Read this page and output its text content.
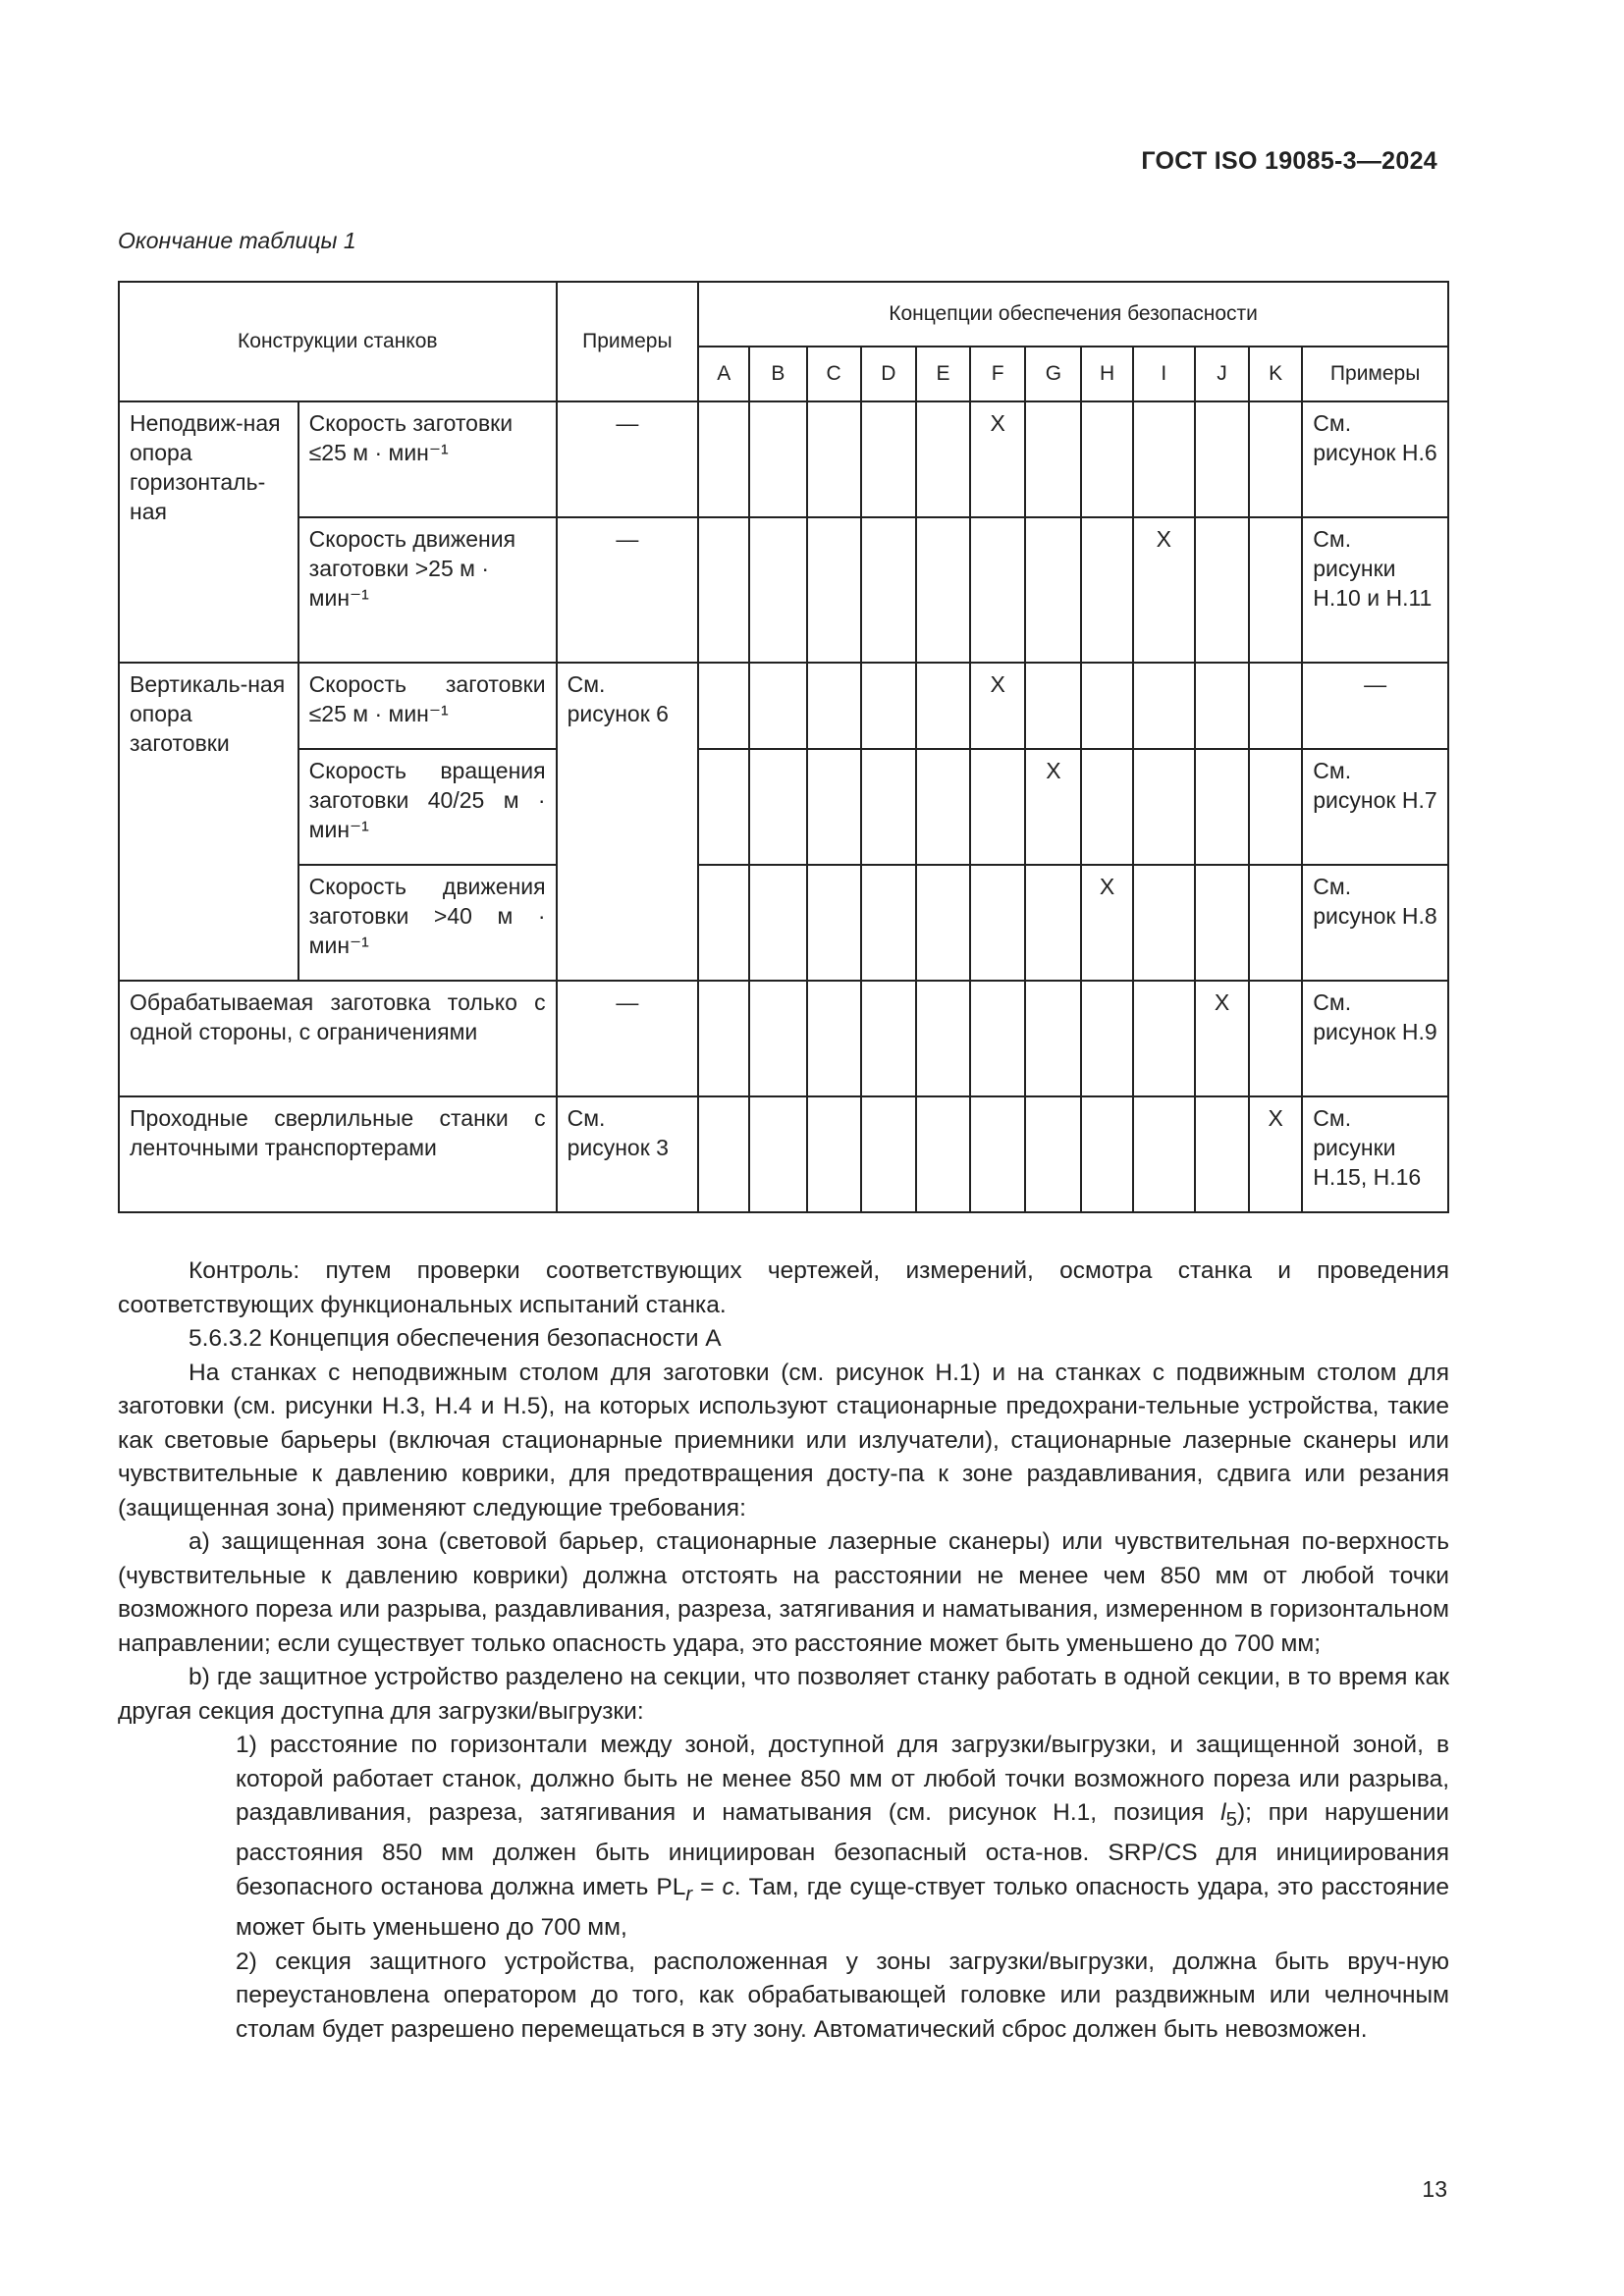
ГОСТ ISO 19085-3—2024
Окончание таблицы 1
Конструкции станков		Примеры	Концепции обеспечения безопасности											
			A	B	C	D	E	F	G	H	I	J	K	Примеры
Неподвиж-ная опора горизонталь-ная	Скорость заготовки ≤25 м · мин⁻¹	—						X						См. рисунок H.6
	Скорость движения заготовки >25 м · мин⁻¹	—									X			См. рисунки H.10 и H.11
Вертикаль-ная опора заготовки	Скорость заготовки ≤25 м · мин⁻¹	См. рисунок 6						X						—
	Скорость вращения заготовки 40/25 м · мин⁻¹								X					См. рисунок H.7
	Скорость движения заготовки >40 м · мин⁻¹									X				См. рисунок H.8
Обрабатываемая заготовка только с одной стороны, с ограничениями		—										X		См. рисунок H.9
Проходные сверлильные станки с ленточными транспортерами		См. рисунок 3											X	См. рисунки H.15, H.16

Контроль: путем проверки соответствующих чертежей, измерений, осмотра станка и проведения соответствующих функциональных испытаний станка.

5.6.3.2 Концепция обеспечения безопасности A

На станках с неподвижным столом для заготовки (см. рисунок H.1) и на станках с подвижным столом для заготовки (см. рисунки H.3, H.4 и H.5), на которых используют стационарные предохрани-тельные устройства, такие как световые барьеры (включая стационарные приемники или излучатели), стационарные лазерные сканеры или чувствительные к давлению коврики, для предотвращения досту-па к зоне раздавливания, сдвига или резания (защищенная зона) применяют следующие требования:

a) защищенная зона (световой барьер, стационарные лазерные сканеры) или чувствительная по-верхность (чувствительные к давлению коврики) должна отстоять на расстоянии не менее чем 850 мм от любой точки возможного пореза или разрыва, раздавливания, разреза, затягивания и наматывания, измеренном в горизонтальном направлении; если существует только опасность удара, это расстояние может быть уменьшено до 700 мм;

b) где защитное устройство разделено на секции, что позволяет станку работать в одной секции, в то время как другая секция доступна для загрузки/выгрузки:

1) расстояние по горизонтали между зоной, доступной для загрузки/выгрузки, и защищенной зоной, в которой работает станок, должно быть не менее 850 мм от любой точки возможного пореза или разрыва, раздавливания, разреза, затягивания и наматывания (см. рисунок H.1, позиция $l_5$); при нарушении расстояния 850 мм должен быть инициирован безопасный оста-нов. SRP/CS для инициирования безопасного останова должна иметь $PL_r = c$. Там, где суще-ствует только опасность удара, это расстояние может быть уменьшено до 700 мм,

2) секция защитного устройства, расположенная у зоны загрузки/выгрузки, должна быть вруч-ную переустановлена оператором до того, как обрабатывающей головке или раздвижным или челночным столам будет разрешено перемещаться в эту зону. Автоматический сброс должен быть невозможен.

13
